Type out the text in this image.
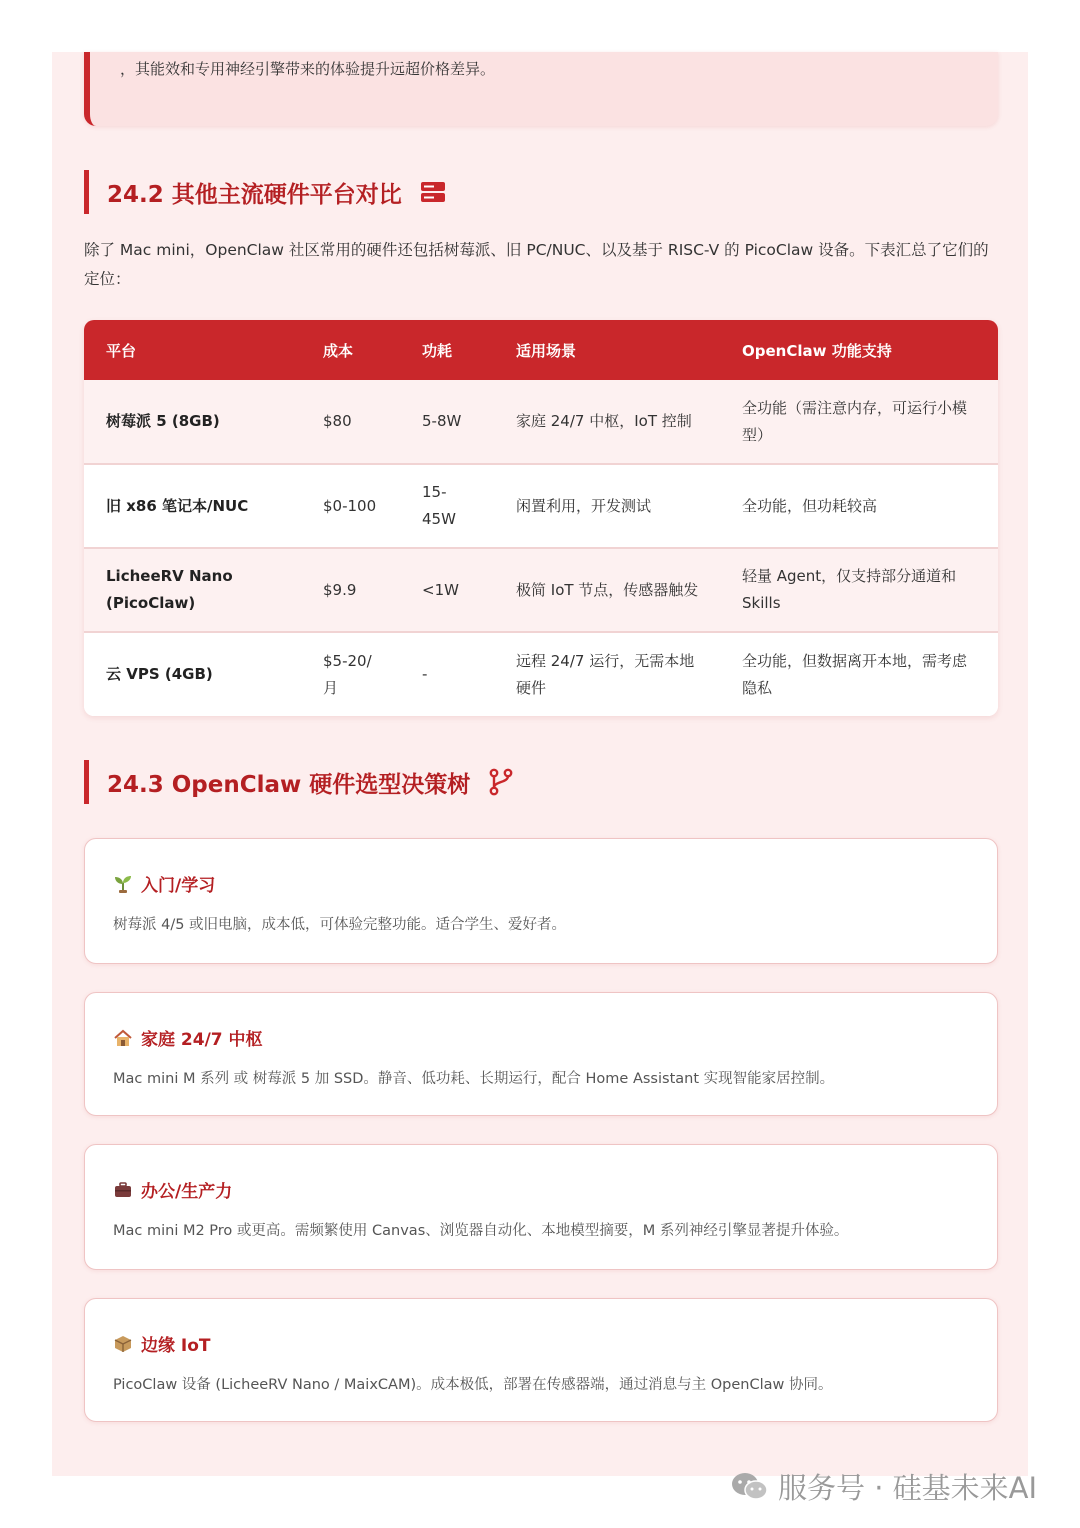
，其能效和专用神经引擎带来的体验提升远超价格差异。
24.2 其他主流硬件平台对比
除了 Mac mini，OpenClaw 社区常用的硬件还包括树莓派、旧 PC/NUC、以及基于 RISC-V 的 PicoClaw 设备。下表汇总了它们的定位：
平台	成本	功耗	适用场景	OpenClaw 功能支持
树莓派 5 (8GB)	$80	5-8W	家庭 24/7 中枢，IoT 控制	全功能（需注意内存，可运行小模型）
旧 x86 笔记本/NUC	$0-100	15-45W	闲置利用，开发测试	全功能，但功耗较高
LicheeRV Nano (PicoClaw)	$9.9	<1W	极简 IoT 节点，传感器触发	轻量 Agent，仅支持部分通道和 Skills
云 VPS (4GB)	$5-20/月	-	远程 24/7 运行，无需本地硬件	全功能，但数据离开本地，需考虑隐私
24.3 OpenClaw 硬件选型决策树
入门/学习
树莓派 4/5 或旧电脑，成本低，可体验完整功能。适合学生、爱好者。
家庭 24/7 中枢
Mac mini M 系列 或 树莓派 5 加 SSD。静音、低功耗、长期运行，配合 Home Assistant 实现智能家居控制。
办公/生产力
Mac mini M2 Pro 或更高。需频繁使用 Canvas、浏览器自动化、本地模型摘要，M 系列神经引擎显著提升体验。
边缘 IoT
PicoClaw 设备 (LicheeRV Nano / MaixCAM)。成本极低，部署在传感器端，通过消息与主 OpenClaw 协同。
服务号 · 硅基未来AI
